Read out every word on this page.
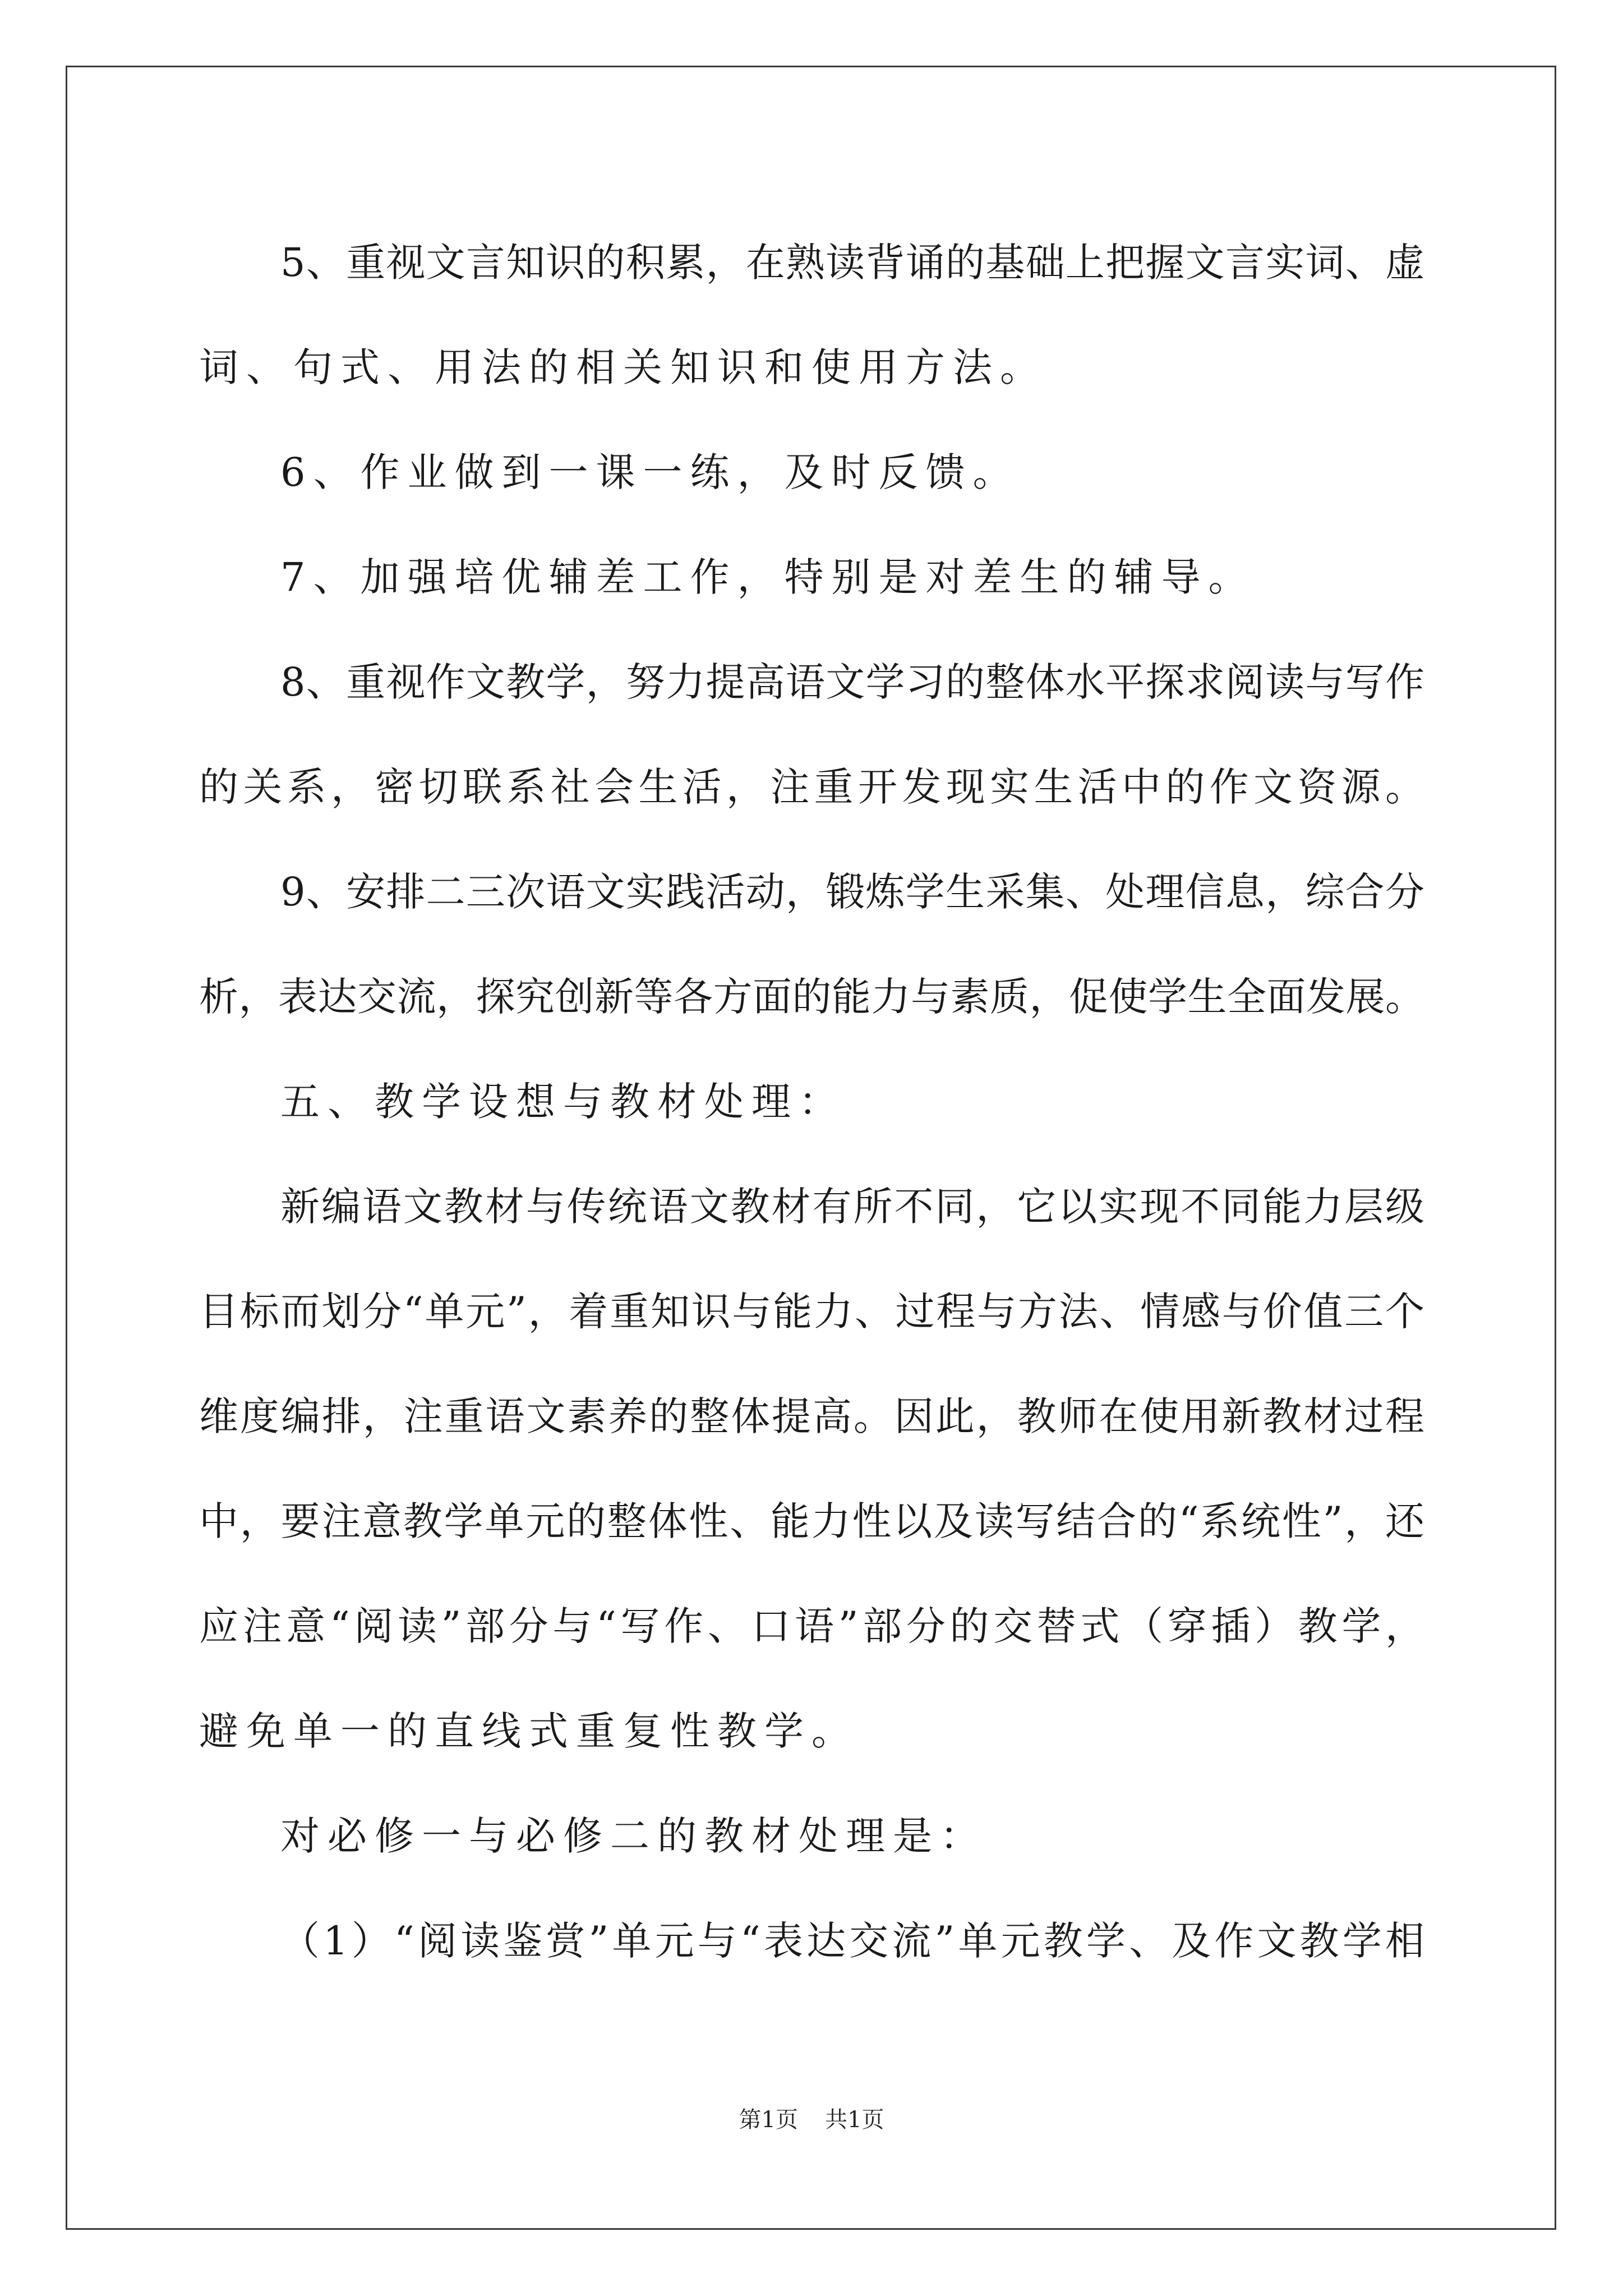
5、重视文言知识的积累，在熟读背诵的基础上把握文言实词、虚
词、句式、用法的相关知识和使用方法。
6、作业做到一课一练，及时反馈。
7、加强培优辅差工作，特别是对差生的辅导。
8、重视作文教学，努力提高语文学习的整体水平探求阅读与写作
的关系，密切联系社会生活，注重开发现实生活中的作文资源。
9、安排二三次语文实践活动，锻炼学生采集、处理信息，综合分
析，表达交流，探究创新等各方面的能力与素质，促使学生全面发展。
五、教学设想与教材处理：
新编语文教材与传统语文教材有所不同，它以实现不同能力层级
目标而划分“单元”，着重知识与能力、过程与方法、情感与价值三个
维度编排，注重语文素养的整体提高。因此，教师在使用新教材过程
中，要注意教学单元的整体性、能力性以及读写结合的“系统性”，还
应注意“阅读”部分与“写作、口语”部分的交替式（穿插）教学，
避免单一的直线式重复性教学。
对必修一与必修二的教材处理是：
（1）“阅读鉴赏”单元与“表达交流”单元教学、及作文教学相
第1页 共1页
